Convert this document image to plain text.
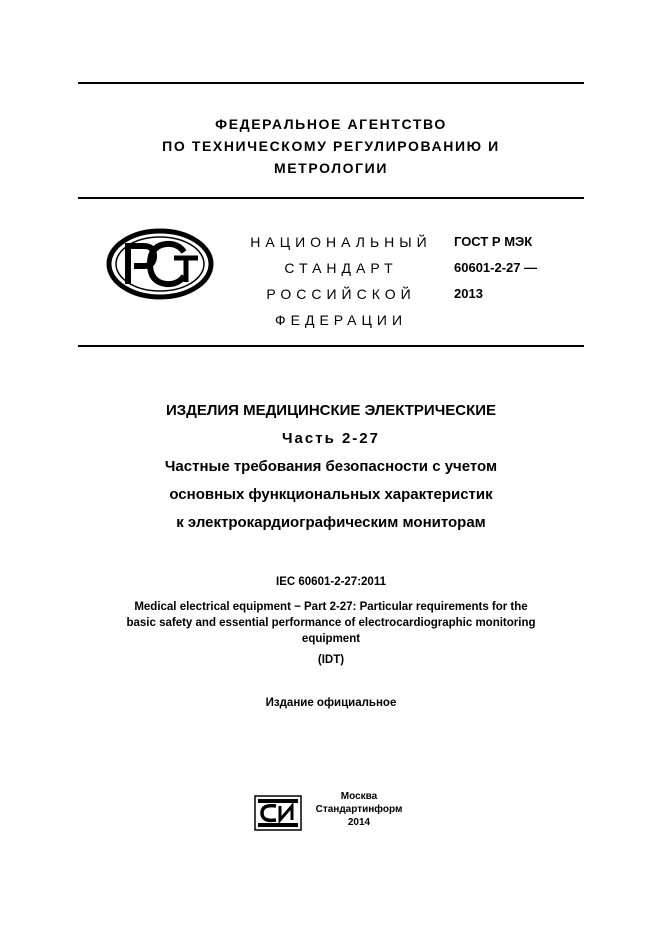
ФЕДЕРАЛЬНОЕ АГЕНТСТВО
ПО ТЕХНИЧЕСКОМУ РЕГУЛИРОВАНИЮ И
МЕТРОЛОГИИ
НАЦИОНАЛЬНЫЙ
СТАНДАРТ
РОССИЙСКОЙ
ФЕДЕРАЦИИ
ГОСТ Р МЭК
60601-2-27 —
2013
ИЗДЕЛИЯ МЕДИЦИНСКИЕ ЭЛЕКТРИЧЕСКИЕ
Часть 2-27
Частные требования безопасности с учетом
основных функциональных характеристик
к электрокардиографическим мониторам
IEC 60601-2-27:2011
Medical electrical equipment − Part 2-27: Particular requirements for the
basic safety and essential performance of electrocardiographic monitoring
equipment
(IDT)
Издание официальное
Москва
Стандартинформ
2014
